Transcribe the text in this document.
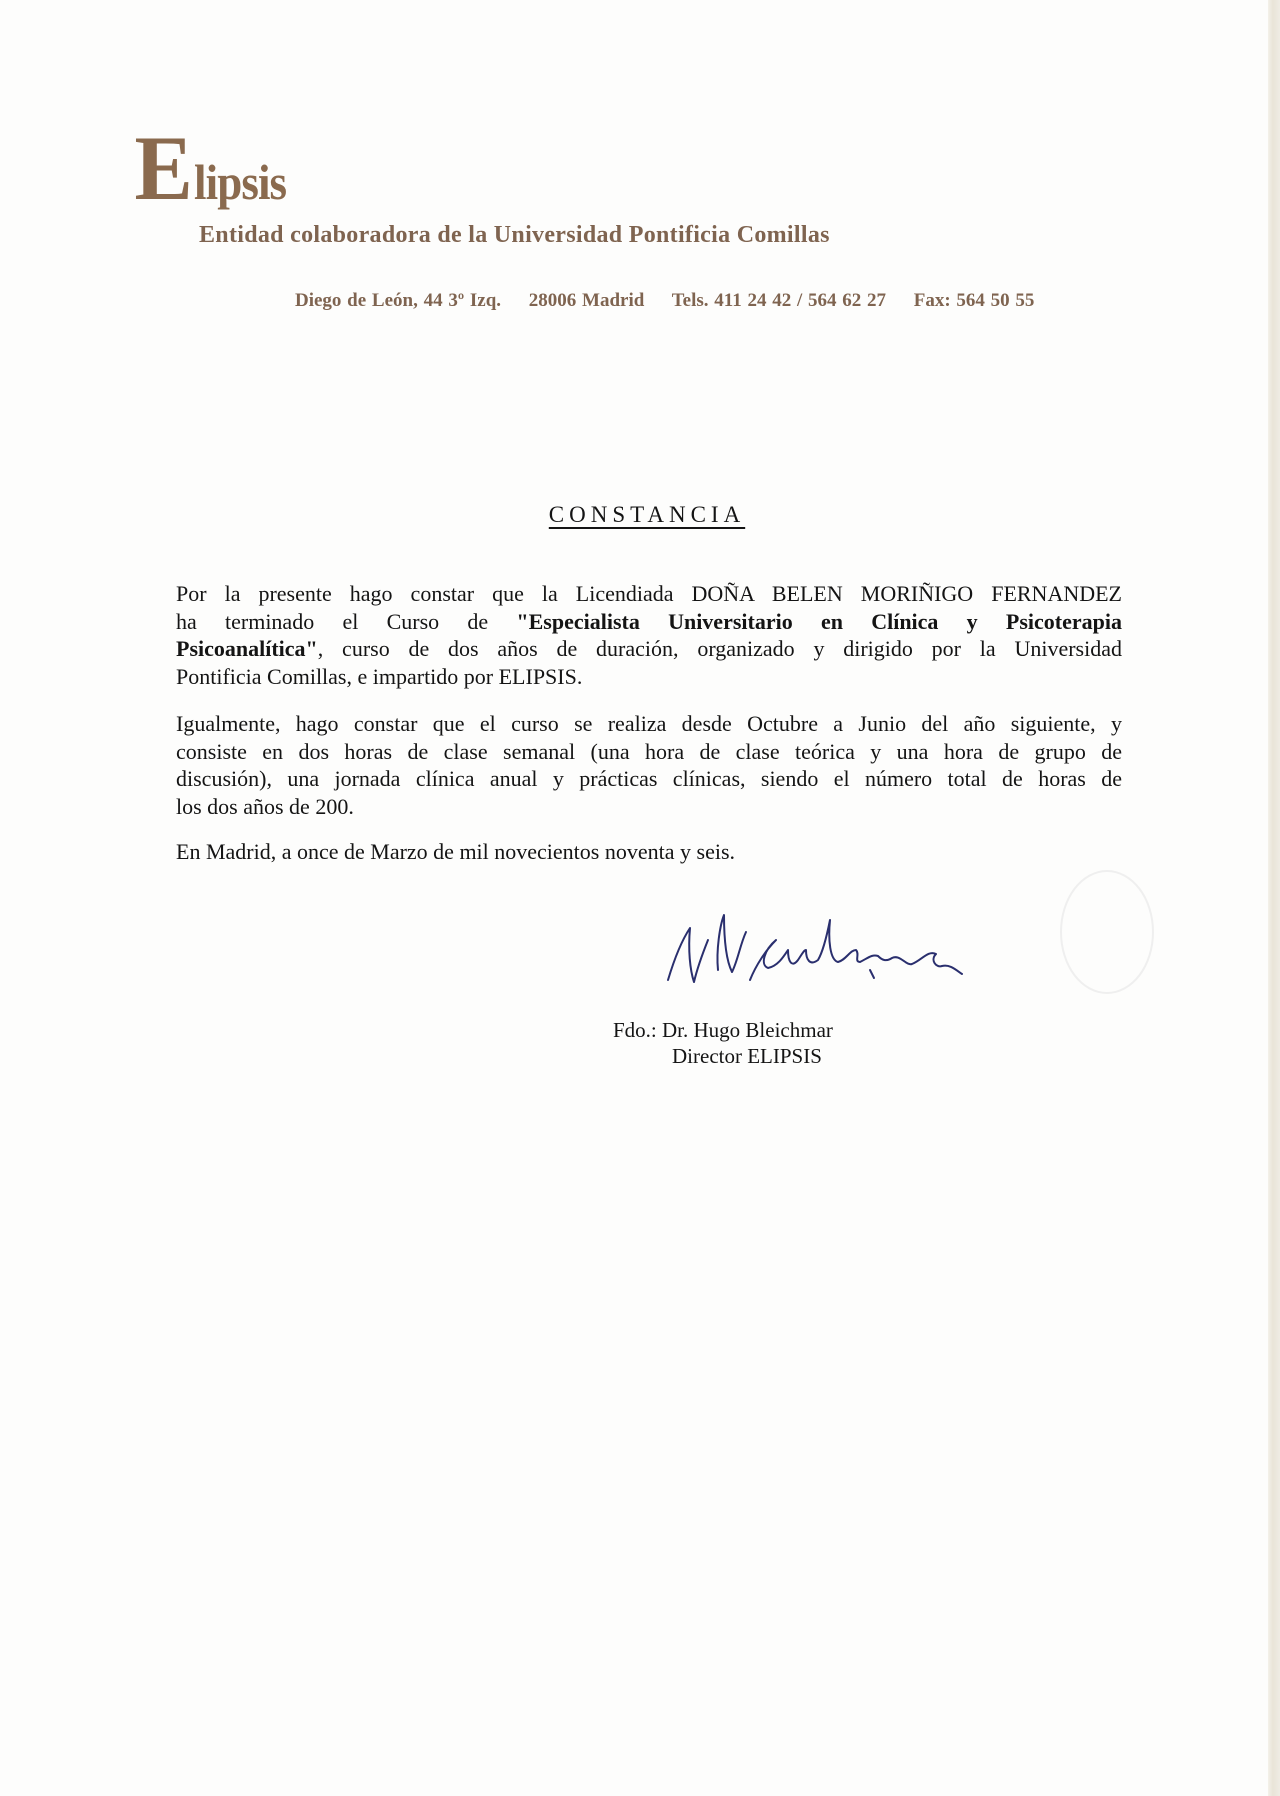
Elipsis
Entidad colaboradora de la Universidad Pontificia Comillas
Diego de León, 44 3º Izq. 28006 Madrid Tels. 411 24 42 / 564 62 27 Fax: 564 50 55
CONSTANCIA
Por la presente hago constar que la Licendiada DOÑA BELEN MORIÑIGO FERNANDEZ
ha terminado el Curso de "Especialista Universitario en Clínica y Psicoterapia
Psicoanalítica", curso de dos años de duración, organizado y dirigido por la Universidad
Pontificia Comillas, e impartido por ELIPSIS.
Igualmente, hago constar que el curso se realiza desde Octubre a Junio del año siguiente, y
consiste en dos horas de clase semanal (una hora de clase teórica y una hora de grupo de
discusión), una jornada clínica anual y prácticas clínicas, siendo el número total de horas de
los dos años de 200.
En Madrid, a once de Marzo de mil novecientos noventa y seis.
Fdo.: Dr. Hugo Bleichmar
Director ELIPSIS
